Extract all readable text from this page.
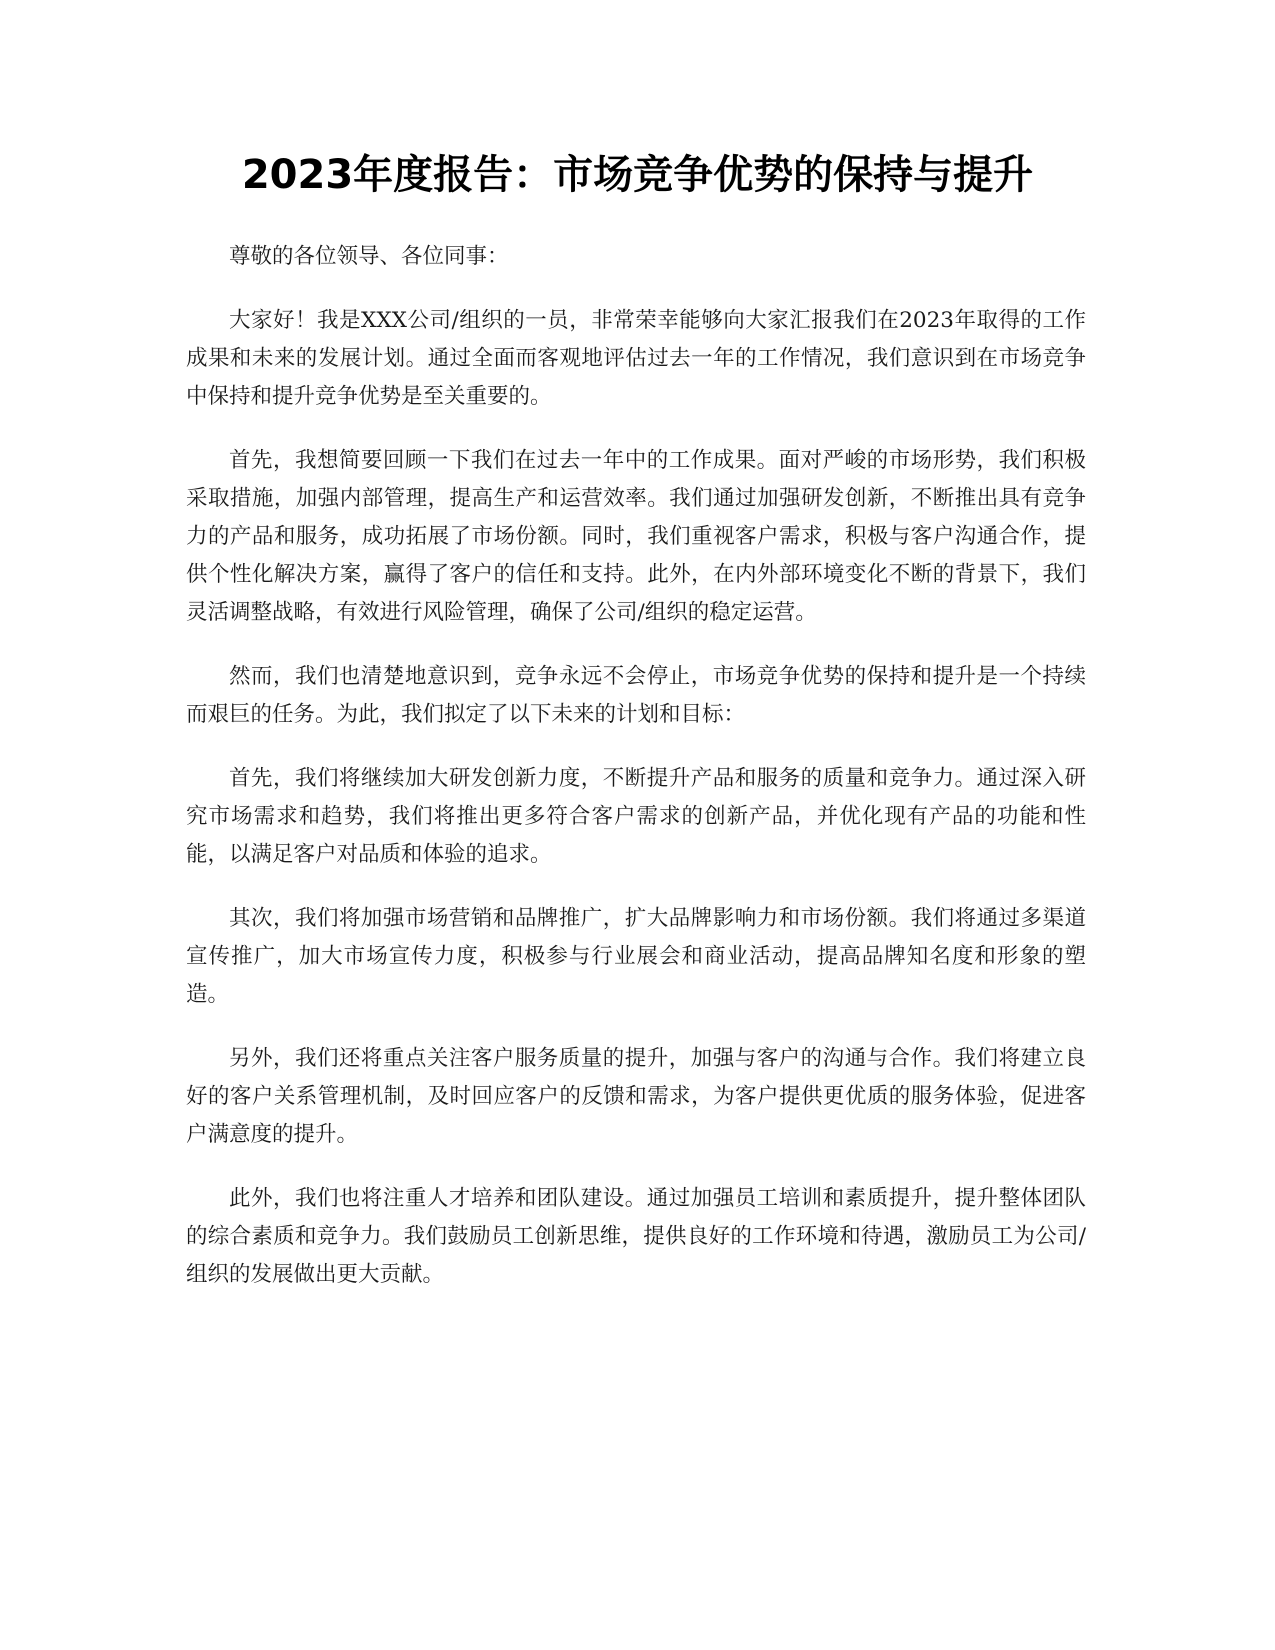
2023年度报告：市场竞争优势的保持与提升

尊敬的各位领导、各位同事：

大家好！我是XXX公司/组织的一员，非常荣幸能够向大家汇报我们在2023年取得的工作成果和未来的发展计划。通过全面而客观地评估过去一年的工作情况，我们意识到在市场竞争中保持和提升竞争优势是至关重要的。

首先，我想简要回顾一下我们在过去一年中的工作成果。面对严峻的市场形势，我们积极采取措施，加强内部管理，提高生产和运营效率。我们通过加强研发创新，不断推出具有竞争力的产品和服务，成功拓展了市场份额。同时，我们重视客户需求，积极与客户沟通合作，提供个性化解决方案，赢得了客户的信任和支持。此外，在内外部环境变化不断的背景下，我们灵活调整战略，有效进行风险管理，确保了公司/组织的稳定运营。

然而，我们也清楚地意识到，竞争永远不会停止，市场竞争优势的保持和提升是一个持续而艰巨的任务。为此，我们拟定了以下未来的计划和目标：

首先，我们将继续加大研发创新力度，不断提升产品和服务的质量和竞争力。通过深入研究市场需求和趋势，我们将推出更多符合客户需求的创新产品，并优化现有产品的功能和性能，以满足客户对品质和体验的追求。

其次，我们将加强市场营销和品牌推广，扩大品牌影响力和市场份额。我们将通过多渠道宣传推广，加大市场宣传力度，积极参与行业展会和商业活动，提高品牌知名度和形象的塑造。

另外，我们还将重点关注客户服务质量的提升，加强与客户的沟通与合作。我们将建立良好的客户关系管理机制，及时回应客户的反馈和需求，为客户提供更优质的服务体验，促进客户满意度的提升。

此外，我们也将注重人才培养和团队建设。通过加强员工培训和素质提升，提升整体团队的综合素质和竞争力。我们鼓励员工创新思维，提供良好的工作环境和待遇，激励员工为公司/组织的发展做出更大贡献。
